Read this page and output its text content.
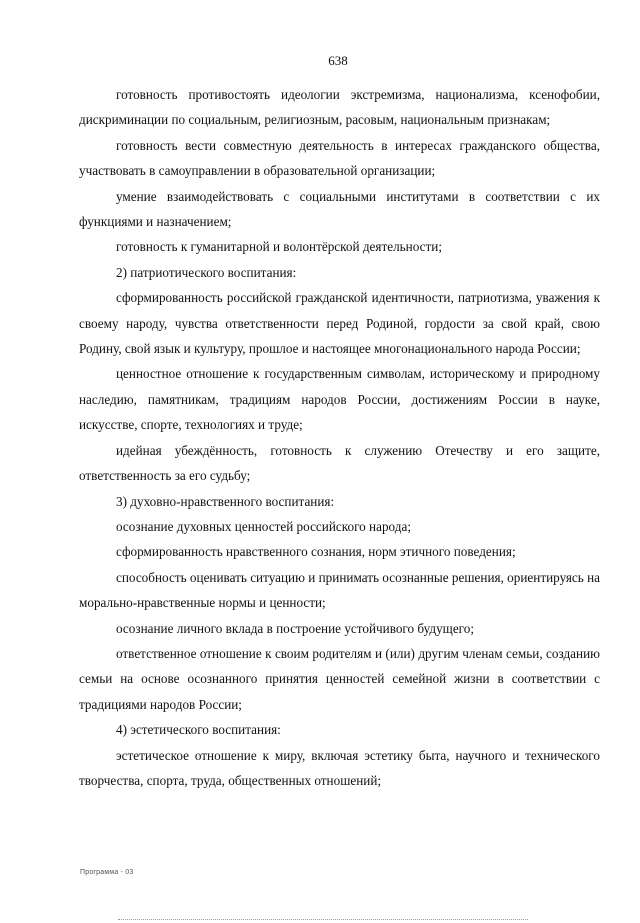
638

готовность противостоять идеологии экстремизма, национализма, ксенофобии, дискриминации по социальным, религиозным, расовым, национальным признакам;

готовность вести совместную деятельность в интересах гражданского общества, участвовать в самоуправлении в образовательной организации;

умение взаимодействовать с социальными институтами в соответствии с их функциями и назначением;

готовность к гуманитарной и волонтёрской деятельности;

2) патриотического воспитания:

сформированность российской гражданской идентичности, патриотизма, уважения к своему народу, чувства ответственности перед Родиной, гордости за свой край, свою Родину, свой язык и культуру, прошлое и настоящее многонационального народа России;

ценностное отношение к государственным символам, историческому и природному наследию, памятникам, традициям народов России, достижениям России в науке, искусстве, спорте, технологиях и труде;

идейная убеждённость, готовность к служению Отечеству и его защите, ответственность за его судьбу;

3) духовно-нравственного воспитания:

осознание духовных ценностей российского народа;

сформированность нравственного сознания, норм этичного поведения;

способность оценивать ситуацию и принимать осознанные решения, ориентируясь на морально-нравственные нормы и ценности;

осознание личного вклада в построение устойчивого будущего;

ответственное отношение к своим родителям и (или) другим членам семьи, созданию семьи на основе осознанного принятия ценностей семейной жизни в соответствии с традициями народов России;

4) эстетического воспитания:

эстетическое отношение к миру, включая эстетику быта, научного и технического творчества, спорта, труда, общественных отношений;

Программа - 03
